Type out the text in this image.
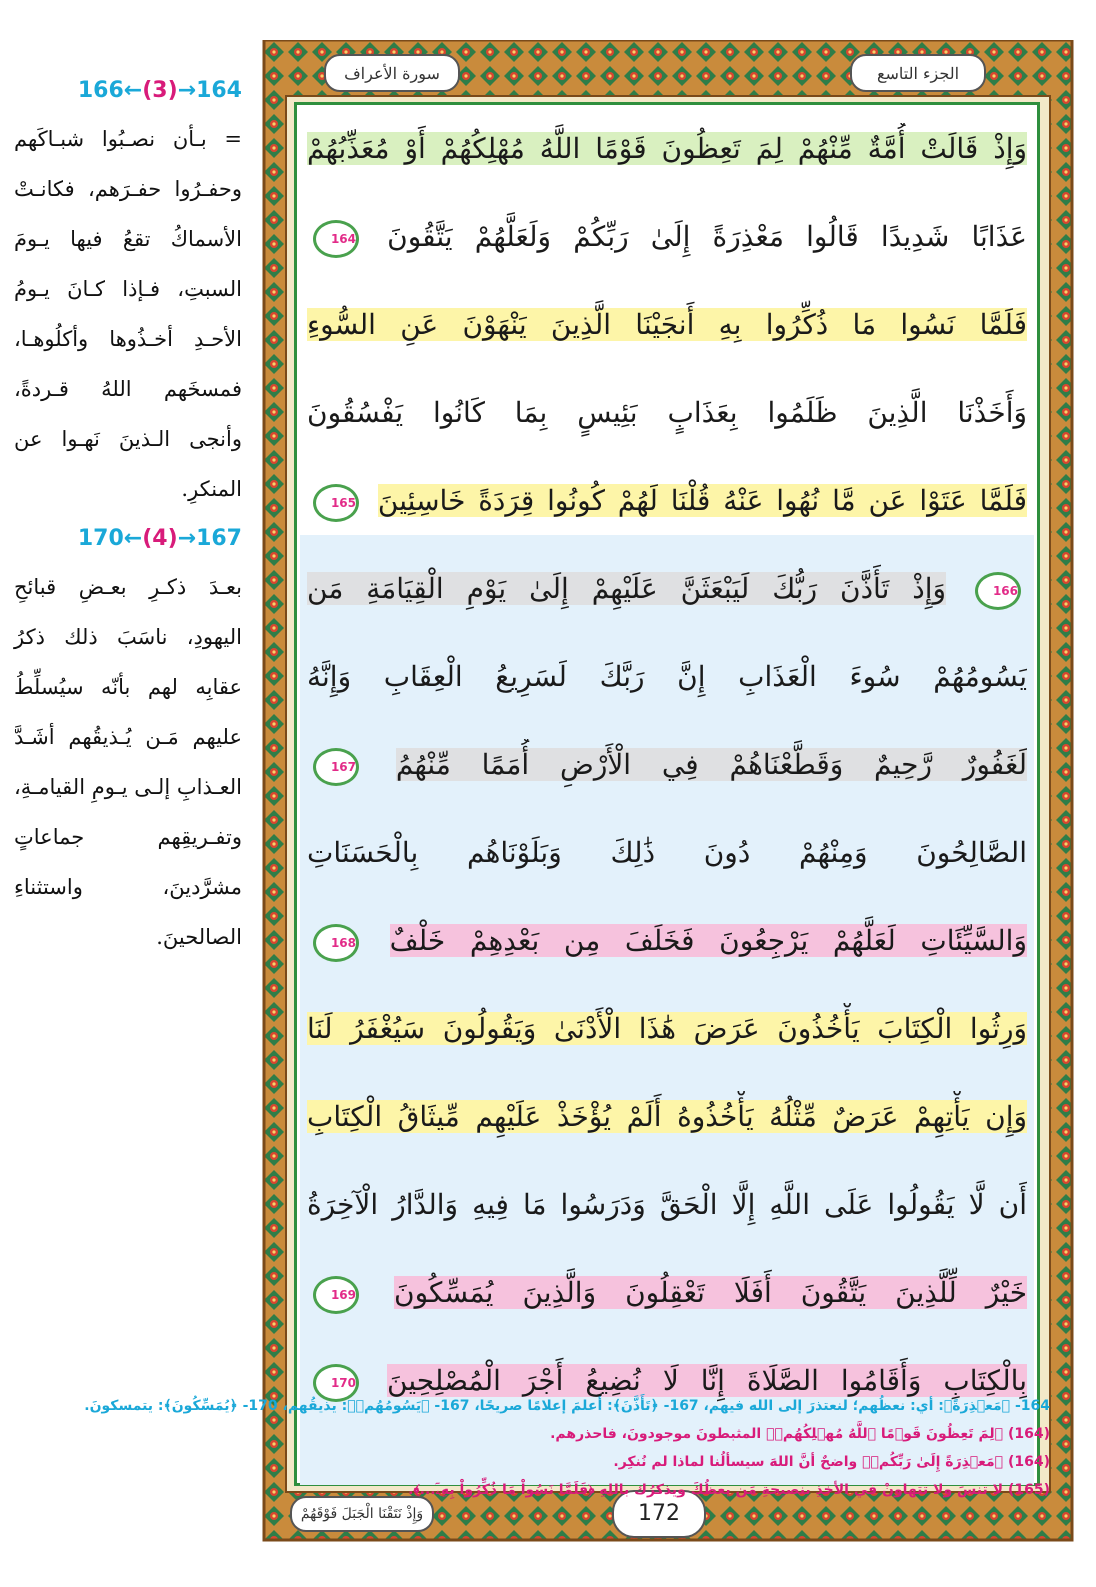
166←(3)→164
= بـأن نصـبُوا شبـاكَهم وحفـرُوا حفـرَهم، فكانـتْ الأسماكُ تقعُ فيها يـومَ السبتِ، فـإذا كـانَ يـومُ الأحـدِ أخـذُوها وأكلُوهـا، فمسخَهم اللهُ قـردةً، وأنجى الـذينَ نَهـوا عن المنكرِ.
170←(4)→167
بعـدَ ذكـرِ بعـضِ قبائحِ اليهودِ، ناسَبَ ذلك ذكرُ عقابِه لهم بأنّه سيُسلِّطُ عليهم مَـن يُـذيقُهم أشَـدَّ العـذابِ إلـى يـومِ القيامـةِ، وتفـريقِهم جماعاتٍ مشرَّدينَ، واستثناءِ الصالحينَ.
الجزء التاسع
سورة الأعراف
وَإِذْ قَالَتْ أُمَّةٌ مِّنْهُمْ لِمَ تَعِظُونَ قَوْمًا اللَّهُ مُهْلِكُهُمْ أَوْ مُعَذِّبُهُمْ
عَذَابًا شَدِيدًا قَالُوا مَعْذِرَةً إِلَىٰ رَبِّكُمْ وَلَعَلَّهُمْ يَتَّقُونَ 164
فَلَمَّا نَسُوا مَا ذُكِّرُوا بِهِ أَنجَيْنَا الَّذِينَ يَنْهَوْنَ عَنِ السُّوءِ
وَأَخَذْنَا الَّذِينَ ظَلَمُوا بِعَذَابٍ بَئِيسٍ بِمَا كَانُوا يَفْسُقُونَ
فَلَمَّا عَتَوْا عَن مَّا نُهُوا عَنْهُ قُلْنَا لَهُمْ كُونُوا قِرَدَةً خَاسِئِينَ 165
166 وَإِذْ تَأَذَّنَ رَبُّكَ لَيَبْعَثَنَّ عَلَيْهِمْ إِلَىٰ يَوْمِ الْقِيَامَةِ مَن
يَسُومُهُمْ سُوءَ الْعَذَابِ إِنَّ رَبَّكَ لَسَرِيعُ الْعِقَابِ وَإِنَّهُ
لَغَفُورٌ رَّحِيمٌ وَقَطَّعْنَاهُمْ فِي الْأَرْضِ أُمَمًا مِّنْهُمُ 167
الصَّالِحُونَ وَمِنْهُمْ دُونَ ذَٰلِكَ وَبَلَوْنَاهُم بِالْحَسَنَاتِ
وَالسَّيِّئَاتِ لَعَلَّهُمْ يَرْجِعُونَ فَخَلَفَ مِن بَعْدِهِمْ خَلْفٌ 168
وَرِثُوا الْكِتَابَ يَأْخُذُونَ عَرَضَ هَٰذَا الْأَدْنَىٰ وَيَقُولُونَ سَيُغْفَرُ لَنَا
وَإِن يَأْتِهِمْ عَرَضٌ مِّثْلُهُ يَأْخُذُوهُ أَلَمْ يُؤْخَذْ عَلَيْهِم مِّيثَاقُ الْكِتَابِ
أَن لَّا يَقُولُوا عَلَى اللَّهِ إِلَّا الْحَقَّ وَدَرَسُوا مَا فِيهِ وَالدَّارُ الْآخِرَةُ
خَيْرٌ لِّلَّذِينَ يَتَّقُونَ أَفَلَا تَعْقِلُونَ وَالَّذِينَ يُمَسِّكُونَ 169
بِالْكِتَابِ وَأَقَامُوا الصَّلَاةَ إِنَّا لَا نُضِيعُ أَجْرَ الْمُصْلِحِينَ 170
172
وَإِذْ نَتَقْنَا الْجَبَلَ فَوْقَهُمْ
164- ﴿مَعۡذِرَةً﴾: أي: نعظُهم؛ لنعتذرَ إلى الله فيهم، 167- ﴿تَأَذَّنَ﴾: أعلمَ إعلامًا صريحًا، 167- ﴿يَسُومُهُمۡ﴾: يذيقُهم، 170- ﴿يُمَسِّكُونَ﴾: يتمسكونَ.
(164) ﴿لِمَ تَعِظُونَ قَوۡمًا ٱللَّهُ مُهۡلِكُهُمۡ﴾ المثبطونَ موجودونَ، فاحذرهم.
(164) ﴿مَعۡذِرَةً إِلَىٰ رَبِّكُمۡ﴾ واضحٌ أنَّ اللهَ سيسألُنا لماذا لم نُنكِر.
(165) لا تنسَ ولا تتهاونْ في الأخذِ بنصيحةِ مَن يعظُكَ ويذكرُك باللهِ ﴿فَلَمَّا نَسُواْ مَا ذُكِّرُواْ بِهِۦٓ...﴾.
